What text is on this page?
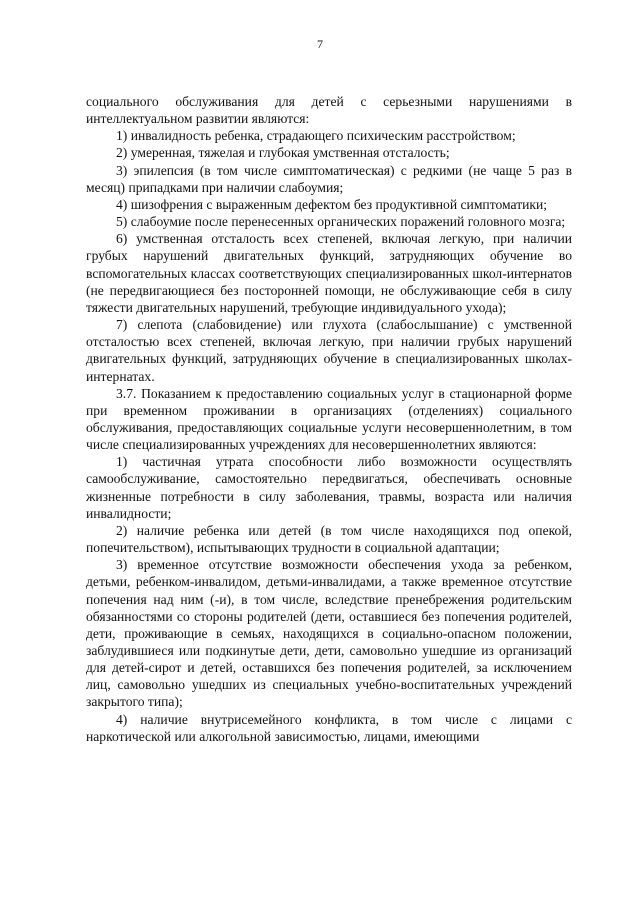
7

социального обслуживания для детей с серьезными нарушениями в интеллектуальном развитии являются:

1) инвалидность ребенка, страдающего психическим расстройством;

2) умеренная, тяжелая и глубокая умственная отсталость;

3) эпилепсия (в том числе симптоматическая) с редкими (не чаще 5 раз в месяц) припадками при наличии слабоумия;

4) шизофрения с выраженным дефектом без продуктивной симптоматики;

5) слабоумие после перенесенных органических поражений головного мозга;

6) умственная отсталость всех степеней, включая легкую, при наличии грубых нарушений двигательных функций, затрудняющих обучение во вспомогательных классах соответствующих специализированных школ-интернатов (не передвигающиеся без посторонней помощи, не обслуживающие себя в силу тяжести двигательных нарушений, требующие индивидуального ухода);

7) слепота (слабовидение) или глухота (слабослышание) с умственной отсталостью всех степеней, включая легкую, при наличии грубых нарушений двигательных функций, затрудняющих обучение в специализированных школах-интернатах.

3.7. Показанием к предоставлению социальных услуг в стационарной форме при временном проживании в организациях (отделениях) социального обслуживания, предоставляющих социальные услуги несовершеннолетним, в том числе специализированных учреждениях для несовершеннолетних являются:

1) частичная утрата способности либо возможности осуществлять самообслуживание, самостоятельно передвигаться, обеспечивать основные жизненные потребности в силу заболевания, травмы, возраста или наличия инвалидности;

2) наличие ребенка или детей (в том числе находящихся под опекой, попечительством), испытывающих трудности в социальной адаптации;

3) временное отсутствие возможности обеспечения ухода за ребенком, детьми, ребенком-инвалидом, детьми-инвалидами, а также временное отсутствие попечения над ним (-и), в том числе, вследствие пренебрежения родительским обязанностями со стороны родителей (дети, оставшиеся без попечения родителей, дети, проживающие в семьях, находящихся в социально-опасном положении, заблудившиеся или подкинутые дети, дети, самовольно ушедшие из организаций для детей-сирот и детей, оставшихся без попечения родителей, за исключением лиц, самовольно ушедших из специальных учебно-воспитательных учреждений закрытого типа);

4) наличие внутрисемейного конфликта, в том числе с лицами с наркотической или алкогольной зависимостью, лицами, имеющими
